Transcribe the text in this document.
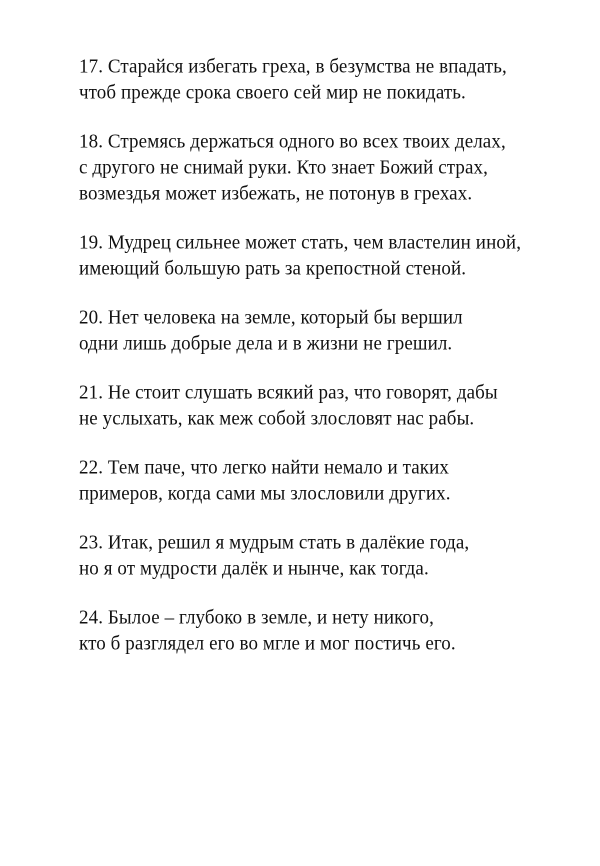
17. Старайся избегать греха, в безумства не впадать,
чтоб прежде срока своего сей мир не покидать.
18. Стремясь держаться одного во всех твоих делах,
с другого не снимай руки. Кто знает Божий страх,
возмездья может избежать, не потонув в грехах.
19. Мудрец сильнее может стать, чем властелин иной,
имеющий большую рать за крепостной стеной.
20. Нет человека на земле, который бы вершил
одни лишь добрые дела и в жизни не грешил.
21. Не стоит слушать всякий раз, что говорят, дабы
не услыхать, как меж собой злословят нас рабы.
22. Тем паче, что легко найти немало и таких
примеров, когда сами мы злословили других.
23. Итак, решил я мудрым стать в далёкие года,
но я от мудрости далёк и нынче, как тогда.
24. Былое – глубоко в земле, и нету никого,
кто б разглядел его во мгле и мог постичь его.
